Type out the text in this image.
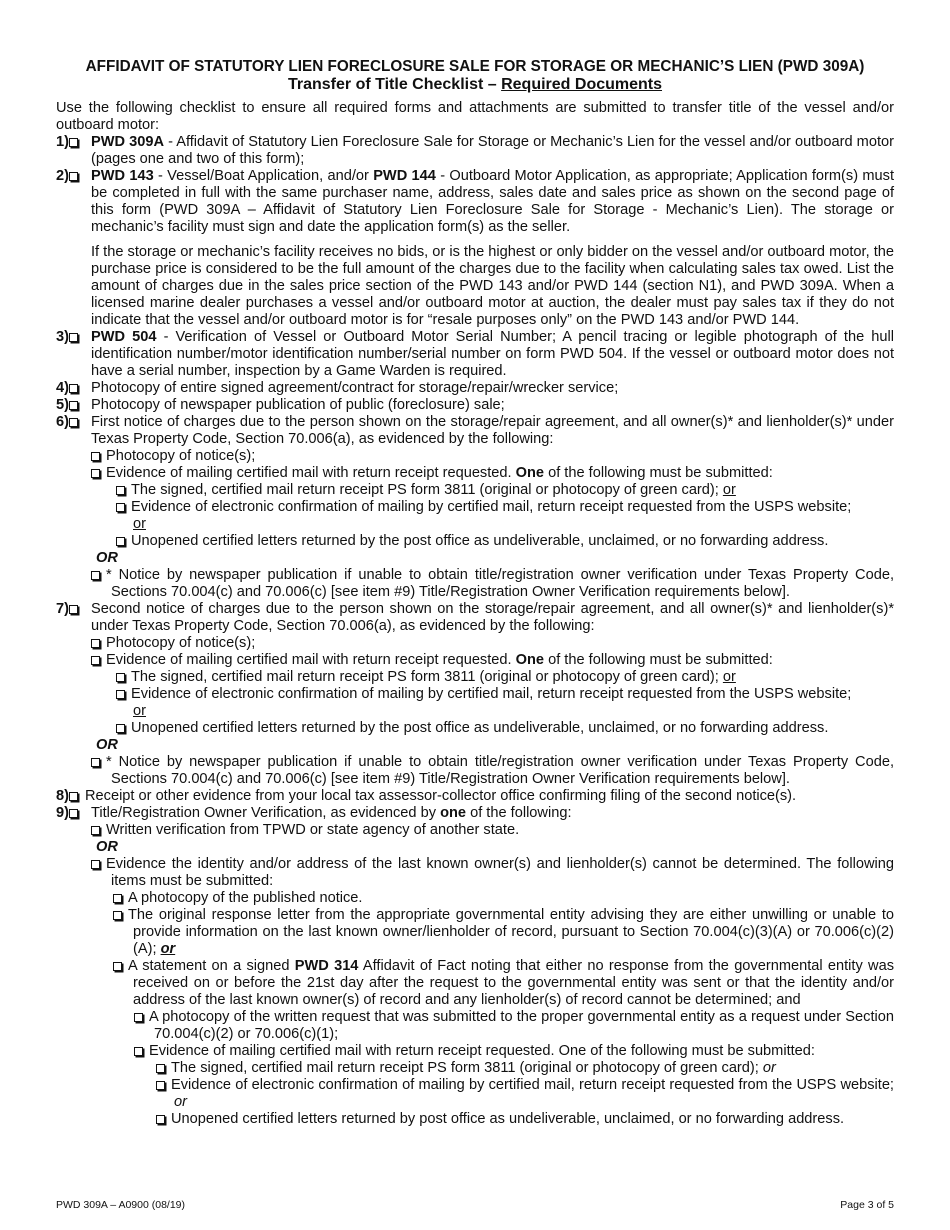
AFFIDAVIT OF STATUTORY LIEN FORECLOSURE SALE FOR STORAGE OR MECHANIC’S LIEN (PWD 309A)
Transfer of Title Checklist – Required Documents
Use the following checklist to ensure all required forms and attachments are submitted to transfer title of the vessel and/or outboard motor:
1)	PWD 309A - Affidavit of Statutory Lien Foreclosure Sale for Storage or Mechanic’s Lien for the vessel and/or outboard motor (pages one and two of this form);
2)	PWD 143 - Vessel/Boat Application, and/or PWD 144 - Outboard Motor Application, as appropriate; Application form(s) must be completed in full with the same purchaser name, address, sales date and sales price as shown on the second page of this form (PWD 309A – Affidavit of Statutory Lien Foreclosure Sale for Storage - Mechanic’s Lien). The storage or mechanic’s facility must sign and date the application form(s) as the seller.
If the storage or mechanic’s facility receives no bids, or is the highest or only bidder on the vessel and/or outboard motor, the purchase price is considered to be the full amount of the charges due to the facility when calculating sales tax owed. List the amount of charges due in the sales price section of the PWD 143 and/or PWD 144 (section N1), and PWD 309A. When a licensed marine dealer purchases a vessel and/or outboard motor at auction, the dealer must pay sales tax if they do not indicate that the vessel and/or outboard motor is for “resale purposes only” on the PWD 143 and/or PWD 144.
3)	PWD 504 - Verification of Vessel or Outboard Motor Serial Number; A pencil tracing or legible photograph of the hull identification number/motor identification number/serial number on form PWD 504. If the vessel or outboard motor does not have a serial number, inspection by a Game Warden is required.
4)	Photocopy of entire signed agreement/contract for storage/repair/wrecker service;
5)	Photocopy of newspaper publication of public (foreclosure) sale;
6)	First notice of charges due to the person shown on the storage/repair agreement, and all owner(s)* and lienholder(s)* under Texas Property Code, Section 70.006(a), as evidenced by the following:
Photocopy of notice(s);
Evidence of mailing certified mail with return receipt requested. One of the following must be submitted:
The signed, certified mail return receipt PS form 3811 (original or photocopy of green card); or
Evidence of electronic confirmation of mailing by certified mail, return receipt requested from the USPS website;
or
Unopened certified letters returned by the post office as undeliverable, unclaimed, or no forwarding address.
OR
* Notice by newspaper publication if unable to obtain title/registration owner verification under Texas Property Code, Sections 70.004(c) and 70.006(c) [see item #9) Title/Registration Owner Verification requirements below].
7)	Second notice of charges due to the person shown on the storage/repair agreement, and all owner(s)* and lienholder(s)* under Texas Property Code, Section 70.006(a), as evidenced by the following:
Photocopy of notice(s);
Evidence of mailing certified mail with return receipt requested. One of the following must be submitted:
The signed, certified mail return receipt PS form 3811 (original or photocopy of green card); or
Evidence of electronic confirmation of mailing by certified mail, return receipt requested from the USPS website;
or
Unopened certified letters returned by the post office as undeliverable, unclaimed, or no forwarding address.
OR
* Notice by newspaper publication if unable to obtain title/registration owner verification under Texas Property Code, Sections 70.004(c) and 70.006(c) [see item #9) Title/Registration Owner Verification requirements below].
8)	Receipt or other evidence from your local tax assessor-collector office confirming filing of the second notice(s).
9)	Title/Registration Owner Verification, as evidenced by one of the following:
Written verification from TPWD or state agency of another state.
OR
Evidence the identity and/or address of the last known owner(s) and lienholder(s) cannot be determined. The following items must be submitted:
A photocopy of the published notice.
The original response letter from the appropriate governmental entity advising they are either unwilling or unable to provide information on the last known owner/lienholder of record, pursuant to Section 70.004(c)(3)(A) or 70.006(c)(2)(A); or
A statement on a signed PWD 314 Affidavit of Fact noting that either no response from the governmental entity was received on or before the 21st day after the request to the governmental entity was sent or that the identity and/or address of the last known owner(s) of record and any lienholder(s) of record cannot be determined; and
A photocopy of the written request that was submitted to the proper governmental entity as a request under Section 70.004(c)(2) or 70.006(c)(1);
Evidence of mailing certified mail with return receipt requested. One of the following must be submitted:
The signed, certified mail return receipt PS form 3811 (original or photocopy of green card); or
Evidence of electronic confirmation of mailing by certified mail, return receipt requested from the USPS website; or
Unopened certified letters returned by post office as undeliverable, unclaimed, or no forwarding address.
PWD 309A – A0900 (08/19)	Page 3 of 5
